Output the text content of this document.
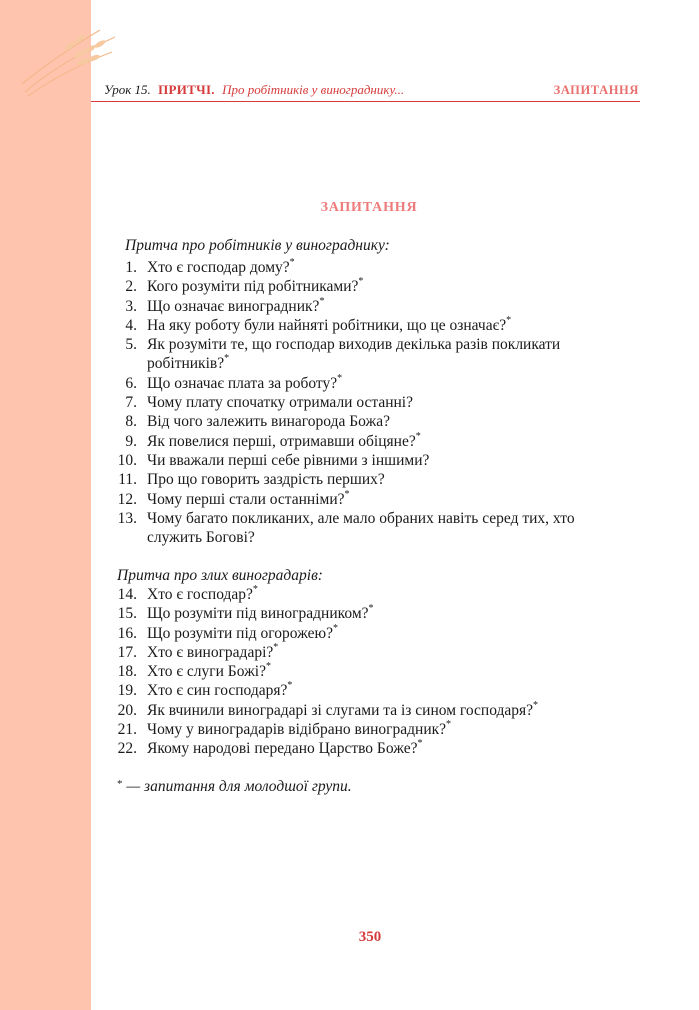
Урок 15. ПРИТЧІ. Про робітників у винограднику...	ЗАПИТАННЯ
ЗАПИТАННЯ
Притча про робітників у винограднику:
1. Хто є господар дому?*
2. Кого розуміти під робітниками?*
3. Що означає виноградник?*
4. На яку роботу були найняті робітники, що це означає?*
5. Як розуміти те, що господар виходив декілька разів покликати робітників?*
6. Що означає плата за роботу?*
7. Чому плату спочатку отримали останні?
8. Від чого залежить винагорода Божа?
9. Як повелися перші, отримавши обіцяне?*
10. Чи вважали перші себе рівними з іншими?
11. Про що говорить заздрість перших?
12. Чому перші стали останніми?*
13. Чому багато покликаних, але мало обраних навіть серед тих, хто служить Богові?
Притча про злих виноградарів:
14. Хто є господар?*
15. Що розуміти під виноградником?*
16. Що розуміти під огорожею?*
17. Хто є виноградарі?*
18. Хто є слуги Божі?*
19. Хто є син господаря?*
20. Як вчинили виноградарі зі слугами та із сином господаря?*
21. Чому у виноградарів відібрано виноградник?*
22. Якому народові передано Царство Боже?*
* — запитання для молодшої групи.
350
